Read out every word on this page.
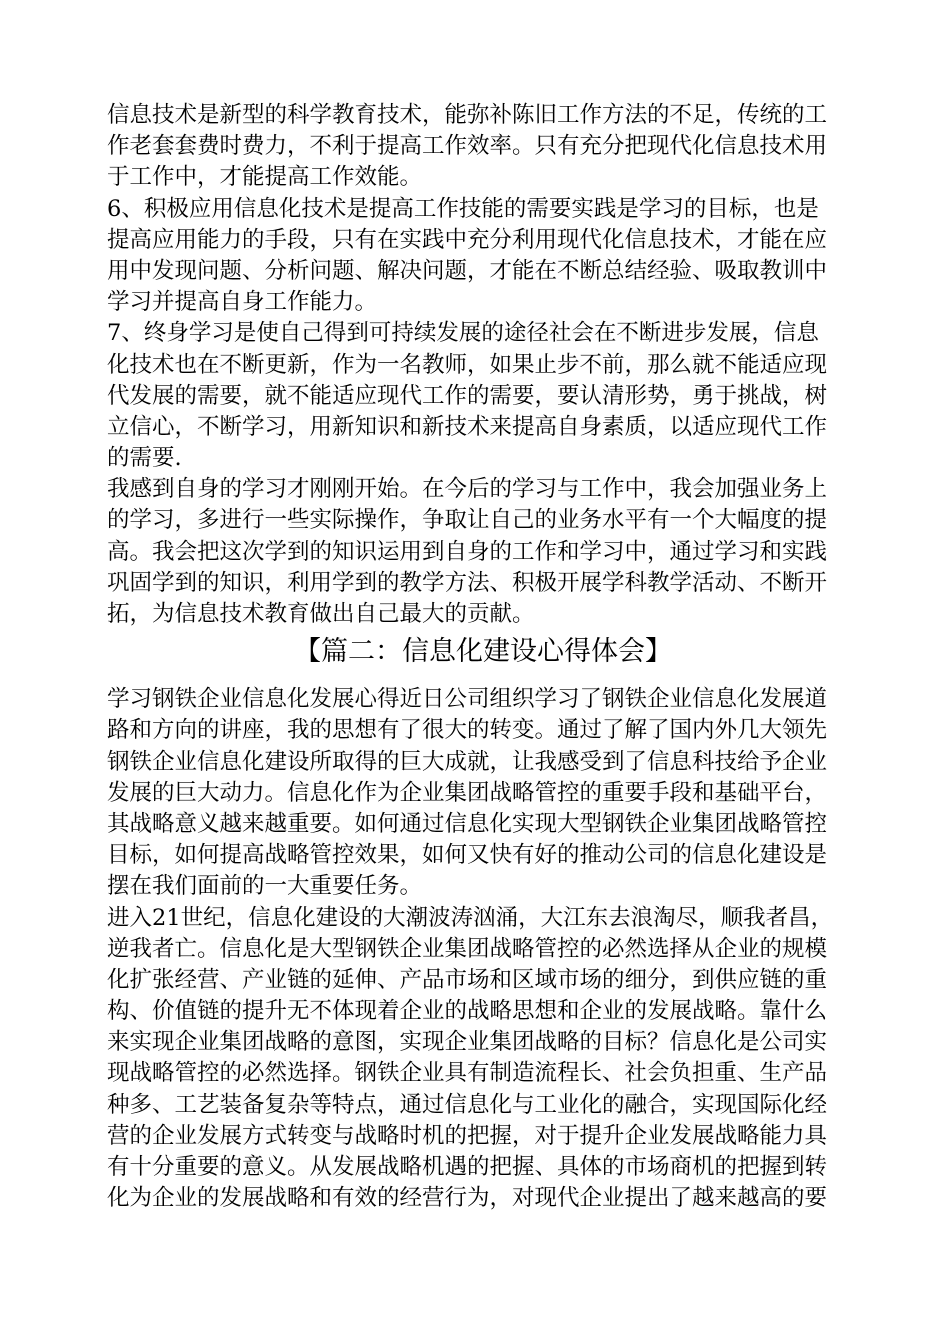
信息技术是新型的科学教育技术，能弥补陈旧工作方法的不足，传统的工
作老套套费时费力，不利于提高工作效率。只有充分把现代化信息技术用
于工作中，才能提高工作效能。
6、积极应用信息化技术是提高工作技能的需要实践是学习的目标，也是
提高应用能力的手段，只有在实践中充分利用现代化信息技术，才能在应
用中发现问题、分析问题、解决问题，才能在不断总结经验、吸取教训中
学习并提高自身工作能力。
7、终身学习是使自己得到可持续发展的途径社会在不断进步发展，信息
化技术也在不断更新，作为一名教师，如果止步不前，那么就不能适应现
代发展的需要，就不能适应现代工作的需要，要认清形势，勇于挑战，树
立信心，不断学习，用新知识和新技术来提高自身素质，以适应现代工作
的需要.
我感到自身的学习才刚刚开始。在今后的学习与工作中，我会加强业务上
的学习，多进行一些实际操作，争取让自己的业务水平有一个大幅度的提
高。我会把这次学到的知识运用到自身的工作和学习中，通过学习和实践
巩固学到的知识，利用学到的教学方法、积极开展学科教学活动、不断开
拓，为信息技术教育做出自己最大的贡献。
【篇二：信息化建设心得体会】
学习钢铁企业信息化发展心得近日公司组织学习了钢铁企业信息化发展道
路和方向的讲座，我的思想有了很大的转变。通过了解了国内外几大领先
钢铁企业信息化建设所取得的巨大成就，让我感受到了信息科技给予企业
发展的巨大动力。信息化作为企业集团战略管控的重要手段和基础平台，
其战略意义越来越重要。如何通过信息化实现大型钢铁企业集团战略管控
目标，如何提高战略管控效果，如何又快有好的推动公司的信息化建设是
摆在我们面前的一大重要任务。
进入21世纪，信息化建设的大潮波涛汹涌，大江东去浪淘尽，顺我者昌，
逆我者亡。信息化是大型钢铁企业集团战略管控的必然选择从企业的规模
化扩张经营、产业链的延伸、产品市场和区域市场的细分，到供应链的重
构、价值链的提升无不体现着企业的战略思想和企业的发展战略。靠什么
来实现企业集团战略的意图，实现企业集团战略的目标？信息化是公司实
现战略管控的必然选择。钢铁企业具有制造流程长、社会负担重、生产品
种多、工艺装备复杂等特点，通过信息化与工业化的融合，实现国际化经
营的企业发展方式转变与战略时机的把握，对于提升企业发展战略能力具
有十分重要的意义。从发展战略机遇的把握、具体的市场商机的把握到转
化为企业的发展战略和有效的经营行为，对现代企业提出了越来越高的要
